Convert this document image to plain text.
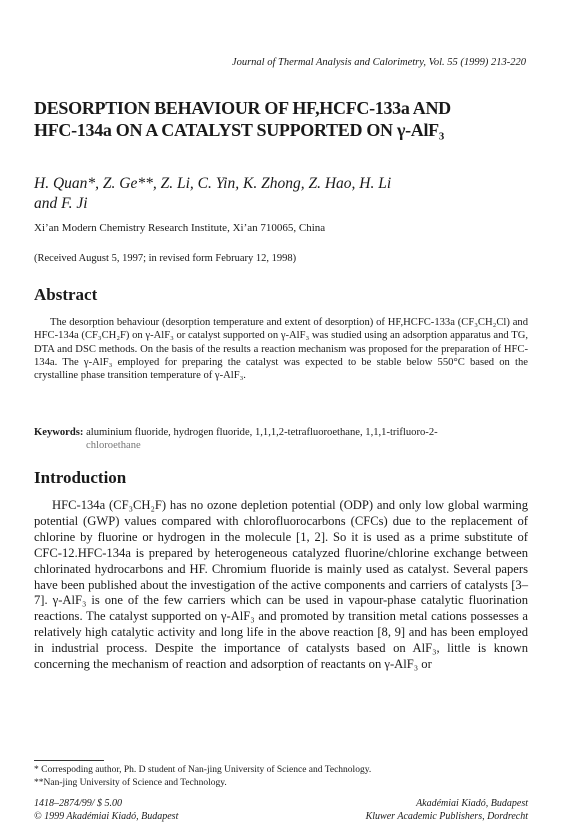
Journal of Thermal Analysis and Calorimetry, Vol. 55 (1999) 213-220
DESORPTION BEHAVIOUR OF HF,HCFC-133a AND
HFC-134a ON A CATALYST SUPPORTED ON γ-AlF₃
H. Quan*, Z. Ge**, Z. Li, C. Yin, K. Zhong, Z. Hao, H. Li
and F. Ji
Xi’an Modern Chemistry Research Institute, Xi’an 710065, China
(Received August 5, 1997; in revised form February 12, 1998)
Abstract

The desorption behaviour (desorption temperature and extent of desorption) of HF,HCFC-133a (CF₃CH₂Cl) and HFC-134a (CF₃CH₂F) on γ-AlF₃ or catalyst supported on γ-AlF₃ was studied using an adsorption apparatus and TG, DTA and DSC methods. On the basis of the results a reaction mechanism was proposed for the preparation of HFC-134a. The γ-AlF₃ employed for preparing the catalyst was expected to be stable below 550°C based on the crystalline phase transition temperature of γ-AlF₃.

Keywords: aluminium fluoride, hydrogen fluoride, 1,1,1,2-tetrafluoroethane, 1,1,1-trifluoro-2-
chloroethane
Introduction

HFC-134a (CF₃CH₂F) has no ozone depletion potential (ODP) and only low global warming potential (GWP) values compared with chlorofluorocarbons (CFCs) due to the replacement of chlorine by fluorine or hydrogen in the molecule [1, 2]. So it is used as a prime substitute of CFC-12.HFC-134a is prepared by heterogeneous catalyzed fluorine/chlorine exchange between chlorinated hydrocarbons and HF. Chromium fluoride is mainly used as catalyst. Several papers have been published about the investigation of the active components and carriers of catalysts [3–7]. γ-AlF₃ is one of the few carriers which can be used in vapour-phase catalytic fluorination reactions. The catalyst supported on γ-AlF₃ and promoted by transition metal cations possesses a relatively high catalytic activity and long life in the above reaction [8, 9] and has been employed in industrial process. Despite the importance of catalysts based on AlF₃, little is known concerning the mechanism of reaction and adsorption of reactants on γ-AlF₃ or

* Correspoding author, Ph. D student of Nan-jing University of Science and Technology.
**Nan-jing University of Science and Technology.
1418–2874/99/ $ 5.00
© 1999 Akadémiai Kiadó, Budapest
Akadémiai Kiadó, Budapest
Kluwer Academic Publishers, Dordrecht
